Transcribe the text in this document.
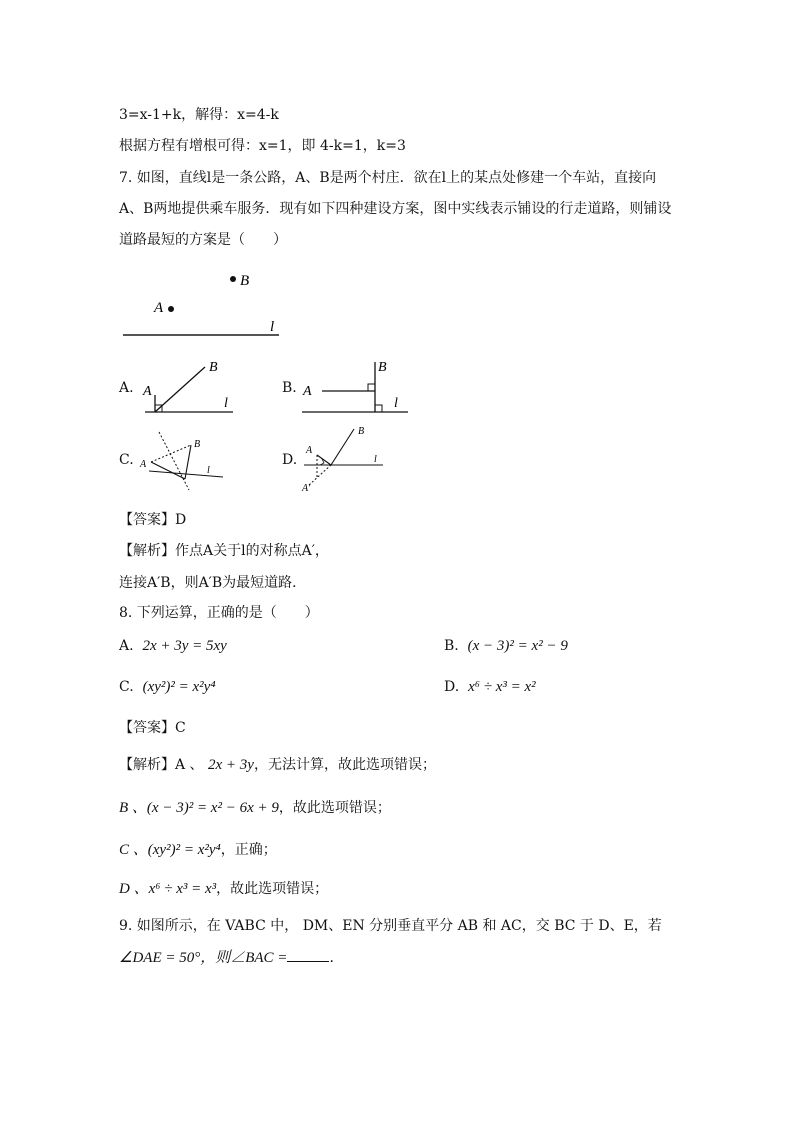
3=x-1+k，解得：x=4-k
根据方程有增根可得：x=1，即 4-k=1，k=3
7. 如图，直线l是一条公路，A、B是两个村庄．欲在l上的某点处修建一个车站，直接向
A、B两地提供乘车服务．现有如下四种建设方案，图中实线表示铺设的行走道路，则铺设
道路最短的方案是（　　）
B
A
l
A. A
B
l
B. A
B
l
C. A
B
l
D.
A
B
l
A′
【答案】D
【解析】作点A关于l的对称点A′，
连接A′B，则A′B为最短道路．
8. 下列运算，正确的是（　　）
A. 2x + 3y = 5xy	B. (x − 3)² = x² − 9
C. (xy²)² = x²y⁴	D. x⁶ ÷ x³ = x²
【答案】C
【解析】A 、 2x + 3y，无法计算，故此选项错误；
B 、(x − 3)² = x² − 6x + 9，故此选项错误；
C 、(xy²)² = x²y⁴，正确；
D 、x⁶ ÷ x³ = x³，故此选项错误；
9. 如图所示，在 VABC 中， DM、EN 分别垂直平分 AB 和 AC，交 BC 于 D、E，若
∠DAE = 50°，则∠BAC =	．
